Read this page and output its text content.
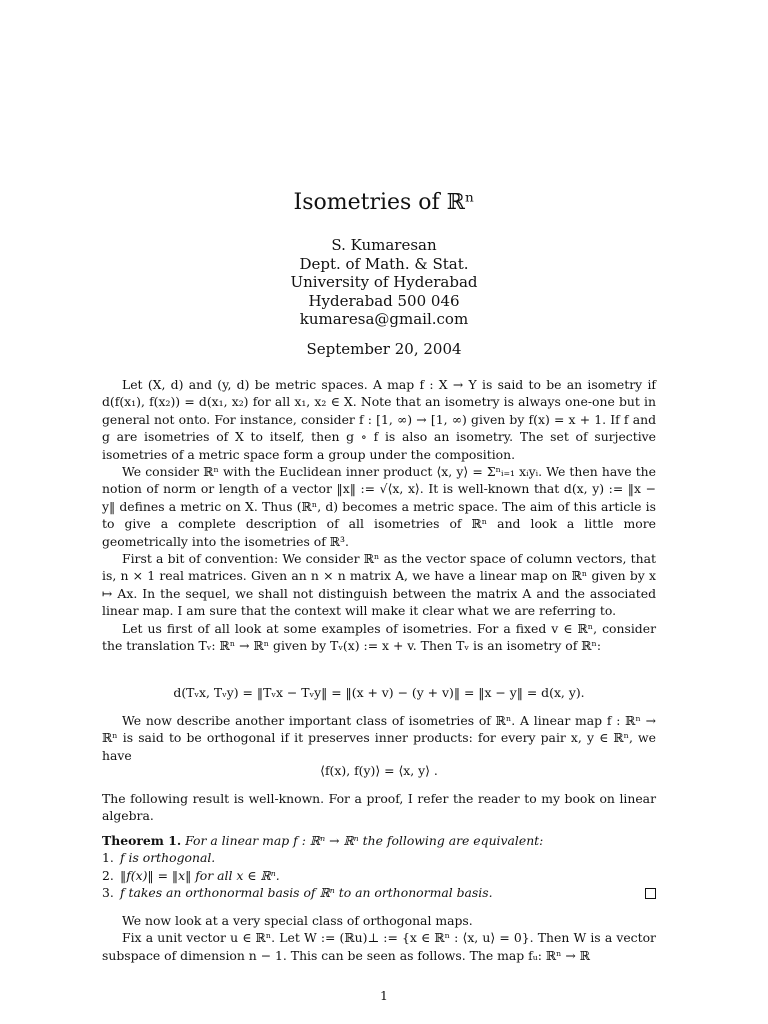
Isometries of ℝⁿ
S. Kumaresan
Dept. of Math. & Stat.
University of Hyderabad
Hyderabad 500 046
kumaresa@gmail.com
September 20, 2004

Let (X, d) and (y, d) be metric spaces. A map f : X → Y is said to be an isometry if d(f(x₁), f(x₂)) = d(x₁, x₂) for all x₁, x₂ ∈ X. Note that an isometry is always one-one but in general not onto. For instance, consider f : [1, ∞) → [1, ∞) given by f(x) = x + 1. If f and g are isometries of X to itself, then g ∘ f is also an isometry. The set of surjective isometries of a metric space form a group under the composition.

We consider ℝⁿ with the Euclidean inner product ⟨x, y⟩ = Σⁿᵢ₌₁ xᵢyᵢ. We then have the notion of norm or length of a vector ‖x‖ := √⟨x, x⟩. It is well-known that d(x, y) := ‖x − y‖ defines a metric on X. Thus (ℝⁿ, d) becomes a metric space. The aim of this article is to give a complete description of all isometries of ℝⁿ and look a little more geometrically into the isometries of ℝ³.

First a bit of convention: We consider ℝⁿ as the vector space of column vectors, that is, n × 1 real matrices. Given an n × n matrix A, we have a linear map on ℝⁿ given by x ↦ Ax. In the sequel, we shall not distinguish between the matrix A and the associated linear map. I am sure that the context will make it clear what we are referring to.

Let us first of all look at some examples of isometries. For a fixed v ∈ ℝⁿ, consider the translation Tᵥ: ℝⁿ → ℝⁿ given by Tᵥ(x) := x + v. Then Tᵥ is an isometry of ℝⁿ:

d(Tᵥx, Tᵥy) = ‖Tᵥx − Tᵥy‖ = ‖(x + v) − (y + v)‖ = ‖x − y‖ = d(x, y).

We now describe another important class of isometries of ℝⁿ. A linear map f : ℝⁿ → ℝⁿ is said to be orthogonal if it preserves inner products: for every pair x, y ∈ ℝⁿ, we have

⟨f(x), f(y)⟩ = ⟨x, y⟩ .

The following result is well-known. For a proof, I refer the reader to my book on linear algebra.

Theorem 1. For a linear map f : ℝⁿ → ℝⁿ the following are equivalent:

1. f is orthogonal.
2. ‖f(x)‖ = ‖x‖ for all x ∈ ℝⁿ.
3. f takes an orthonormal basis of ℝⁿ to an orthonormal basis.

We now look at a very special class of orthogonal maps.

Fix a unit vector u ∈ ℝⁿ. Let W := (ℝu)⊥ := {x ∈ ℝⁿ : ⟨x, u⟩ = 0}. Then W is a vector subspace of dimension n − 1. This can be seen as follows. The map fᵤ: ℝⁿ → ℝ

1
